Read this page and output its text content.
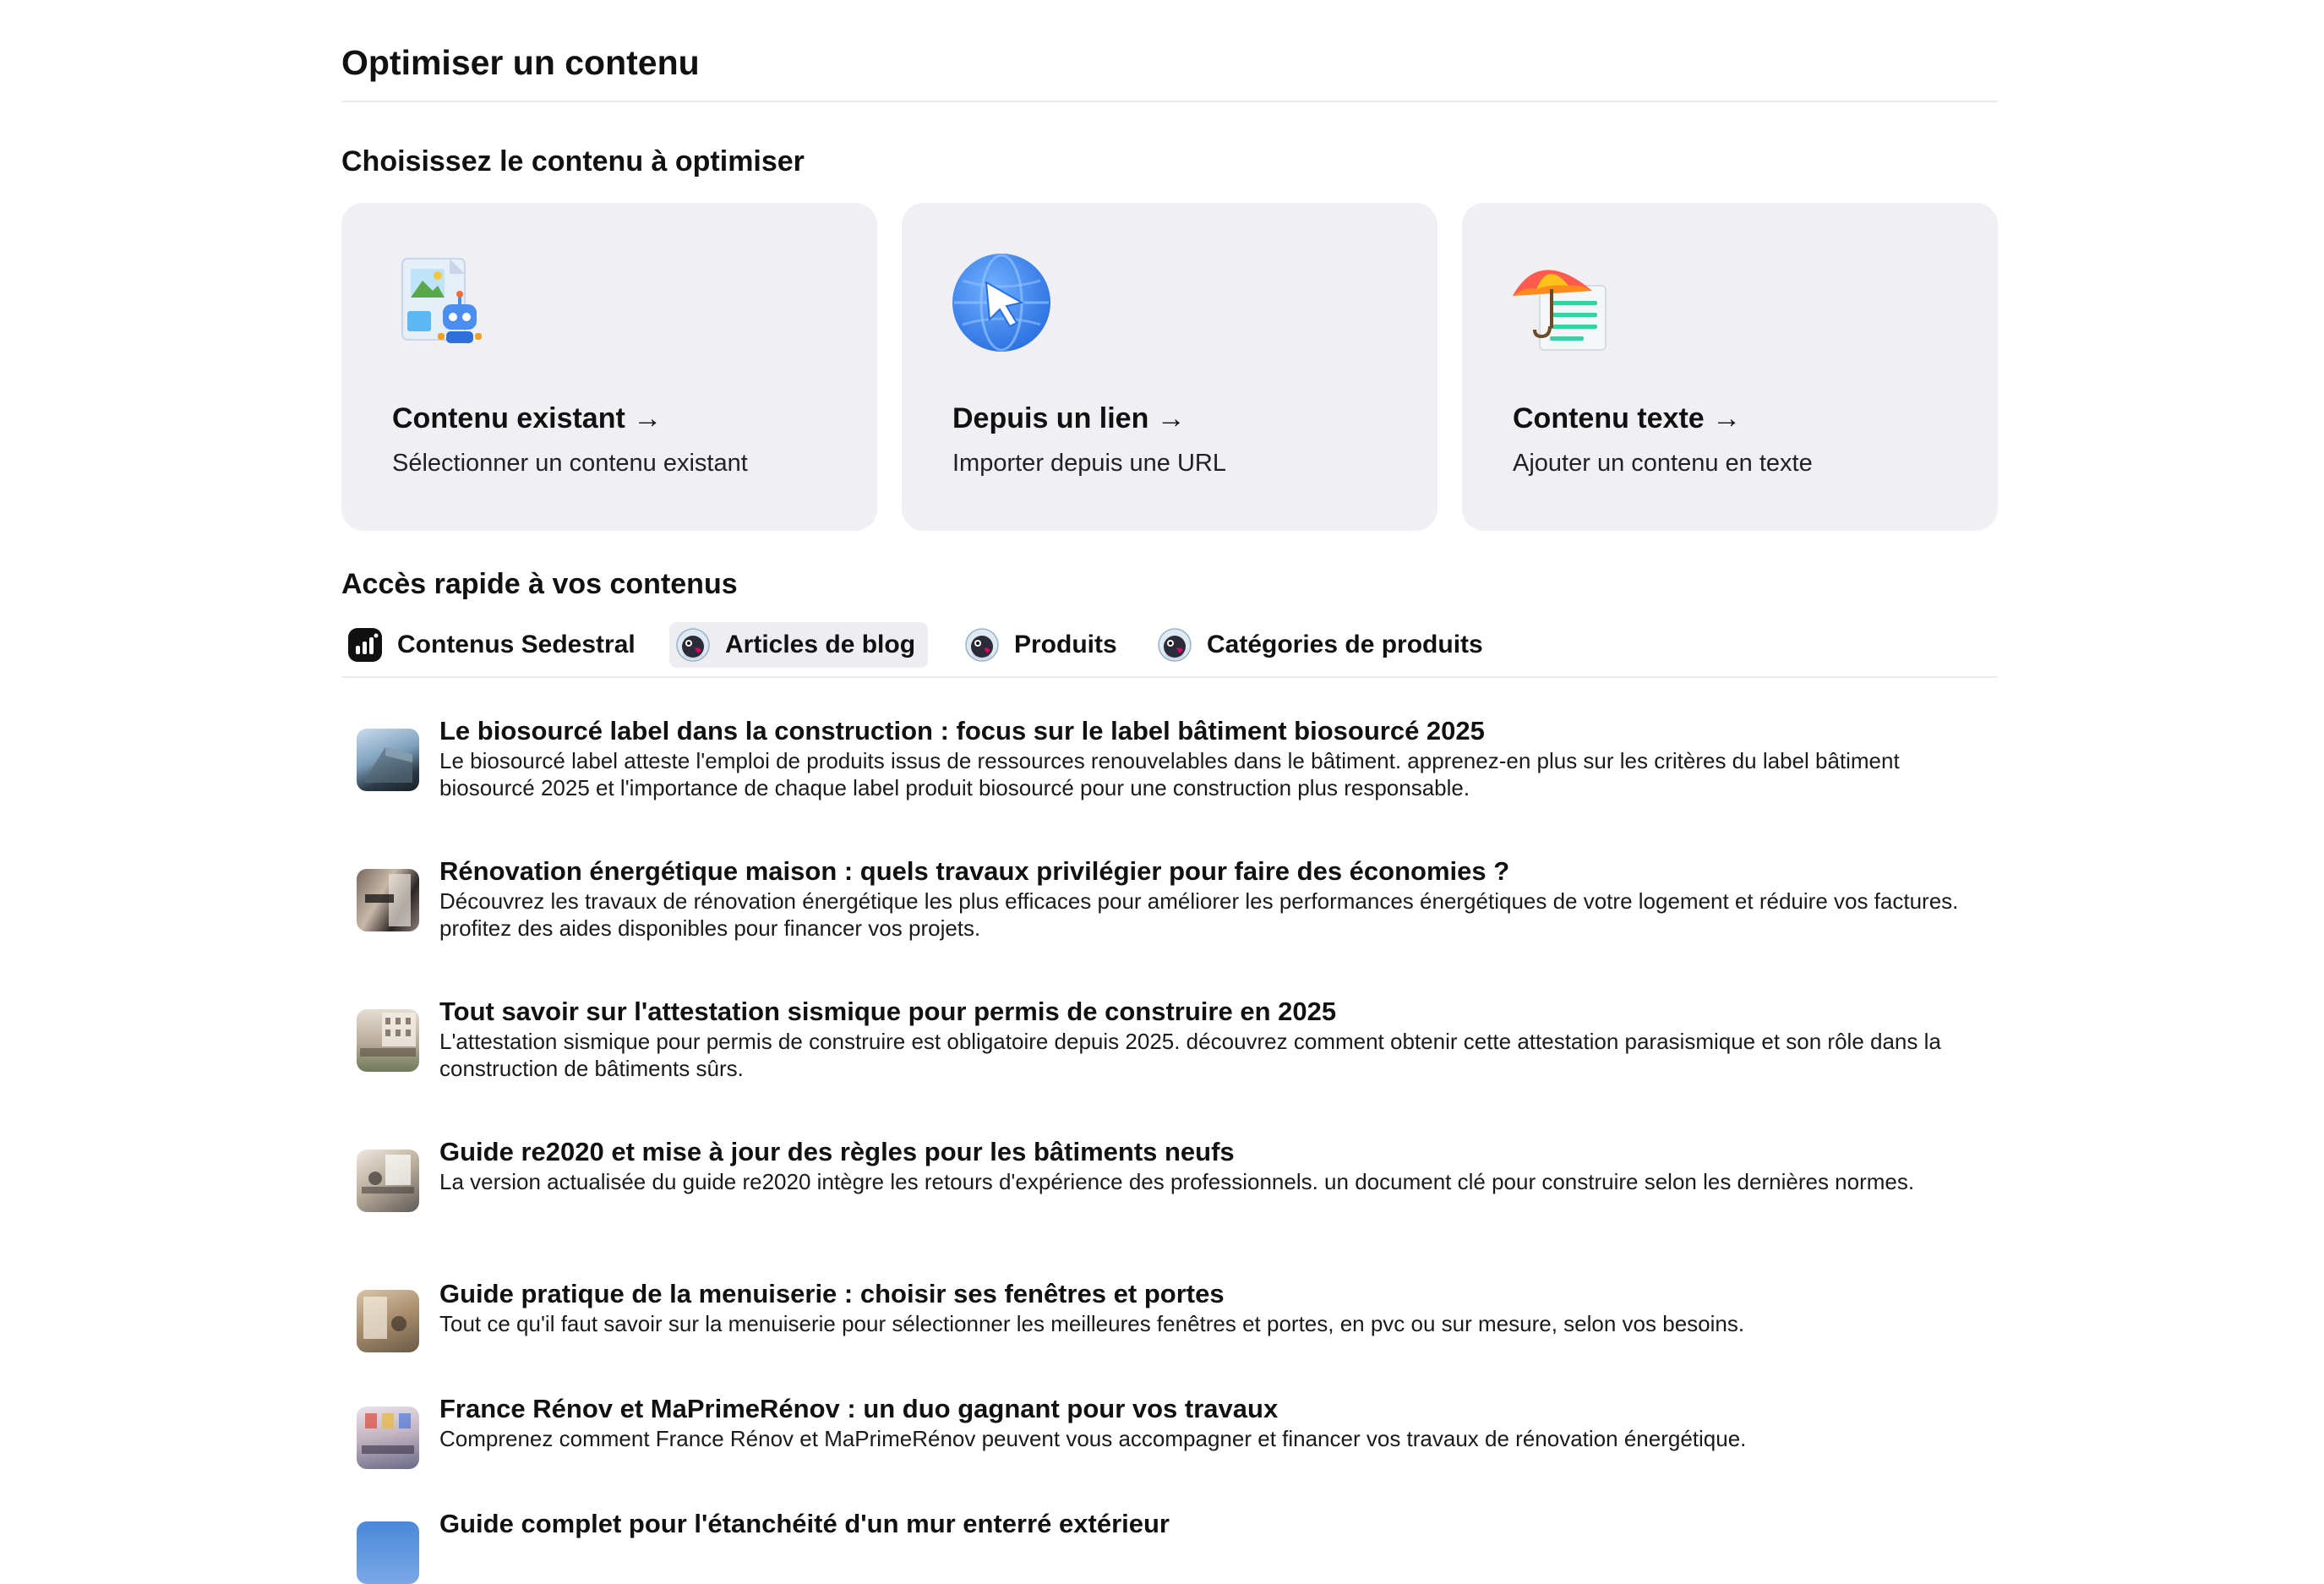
Optimiser un contenu
Choisissez le contenu à optimiser
Contenu existant →
Sélectionner un contenu existant
Depuis un lien →
Importer depuis une URL
Contenu texte →
Ajouter un contenu en texte
Accès rapide à vos contenus
Contenus Sedestral	Articles de blog	Produits	Catégories de produits
Le biosourcé label dans la construction : focus sur le label bâtiment biosourcé 2025
Le biosourcé label atteste l'emploi de produits issus de ressources renouvelables dans le bâtiment. apprenez-en plus sur les critères du label bâtiment biosourcé 2025 et l'importance de chaque label produit biosourcé pour une construction plus responsable.
Rénovation énergétique maison : quels travaux privilégier pour faire des économies ?
Découvrez les travaux de rénovation énergétique les plus efficaces pour améliorer les performances énergétiques de votre logement et réduire vos factures. profitez des aides disponibles pour financer vos projets.
Tout savoir sur l'attestation sismique pour permis de construire en 2025
L'attestation sismique pour permis de construire est obligatoire depuis 2025. découvrez comment obtenir cette attestation parasismique et son rôle dans la construction de bâtiments sûrs.
Guide re2020 et mise à jour des règles pour les bâtiments neufs
La version actualisée du guide re2020 intègre les retours d'expérience des professionnels. un document clé pour construire selon les dernières normes.
Guide pratique de la menuiserie : choisir ses fenêtres et portes
Tout ce qu'il faut savoir sur la menuiserie pour sélectionner les meilleures fenêtres et portes, en pvc ou sur mesure, selon vos besoins.
France Rénov et MaPrimeRénov : un duo gagnant pour vos travaux
Comprenez comment France Rénov et MaPrimeRénov peuvent vous accompagner et financer vos travaux de rénovation énergétique.
Guide complet pour l'étanchéité d'un mur enterré extérieur
